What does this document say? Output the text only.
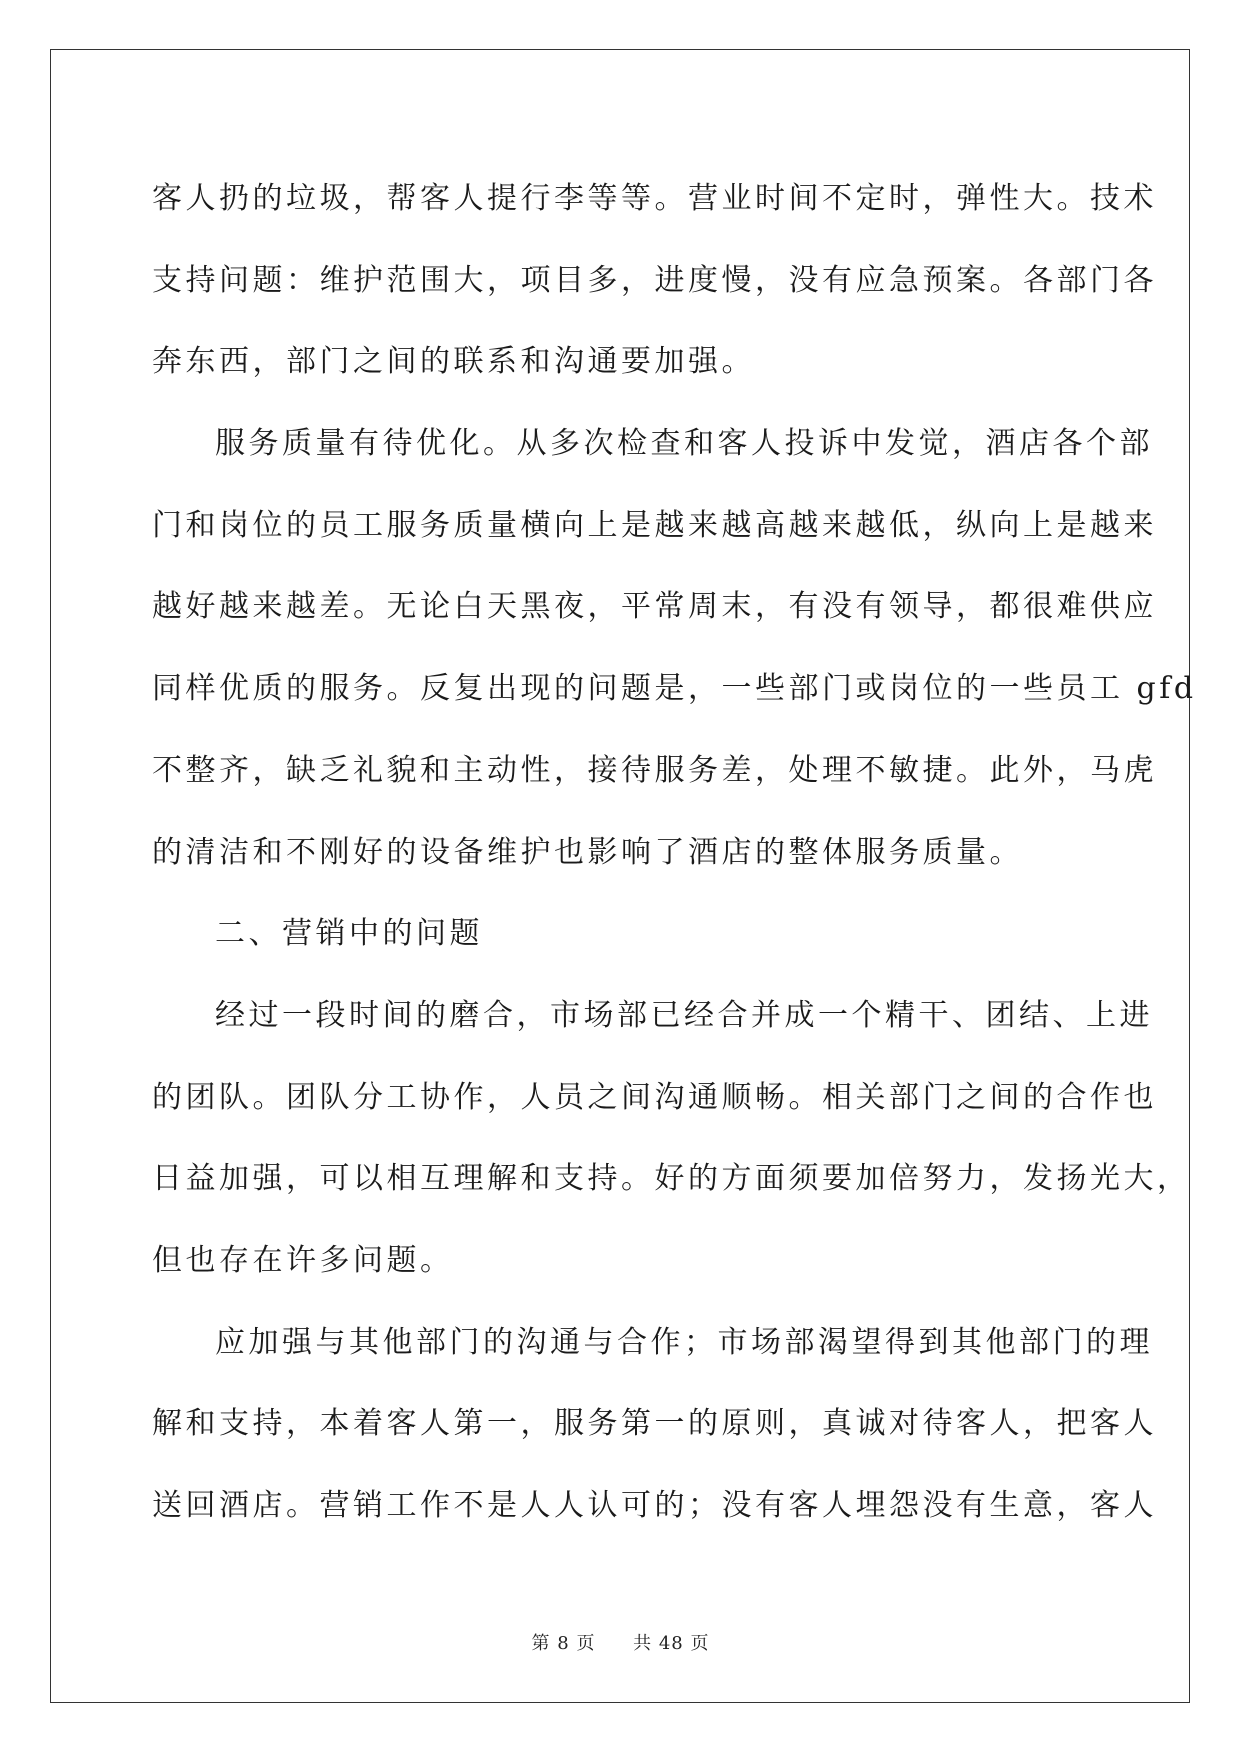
客人扔的垃圾，帮客人提行李等等。营业时间不定时，弹性大。技术
支持问题：维护范围大，项目多，进度慢，没有应急预案。各部门各
奔东西，部门之间的联系和沟通要加强。
服务质量有待优化。从多次检查和客人投诉中发觉，酒店各个部
门和岗位的员工服务质量横向上是越来越高越来越低，纵向上是越来
越好越来越差。无论白天黑夜，平常周末，有没有领导，都很难供应
同样优质的服务。反复出现的问题是，一些部门或岗位的一些员工 gfd
不整齐，缺乏礼貌和主动性，接待服务差，处理不敏捷。此外，马虎
的清洁和不刚好的设备维护也影响了酒店的整体服务质量。
二、营销中的问题
经过一段时间的磨合，市场部已经合并成一个精干、团结、上进
的团队。团队分工协作，人员之间沟通顺畅。相关部门之间的合作也
日益加强，可以相互理解和支持。好的方面须要加倍努力，发扬光大，
但也存在许多问题。
应加强与其他部门的沟通与合作；市场部渴望得到其他部门的理
解和支持，本着客人第一，服务第一的原则，真诚对待客人，把客人
送回酒店。营销工作不是人人认可的；没有客人埋怨没有生意，客人
第 8 页 共 48 页
